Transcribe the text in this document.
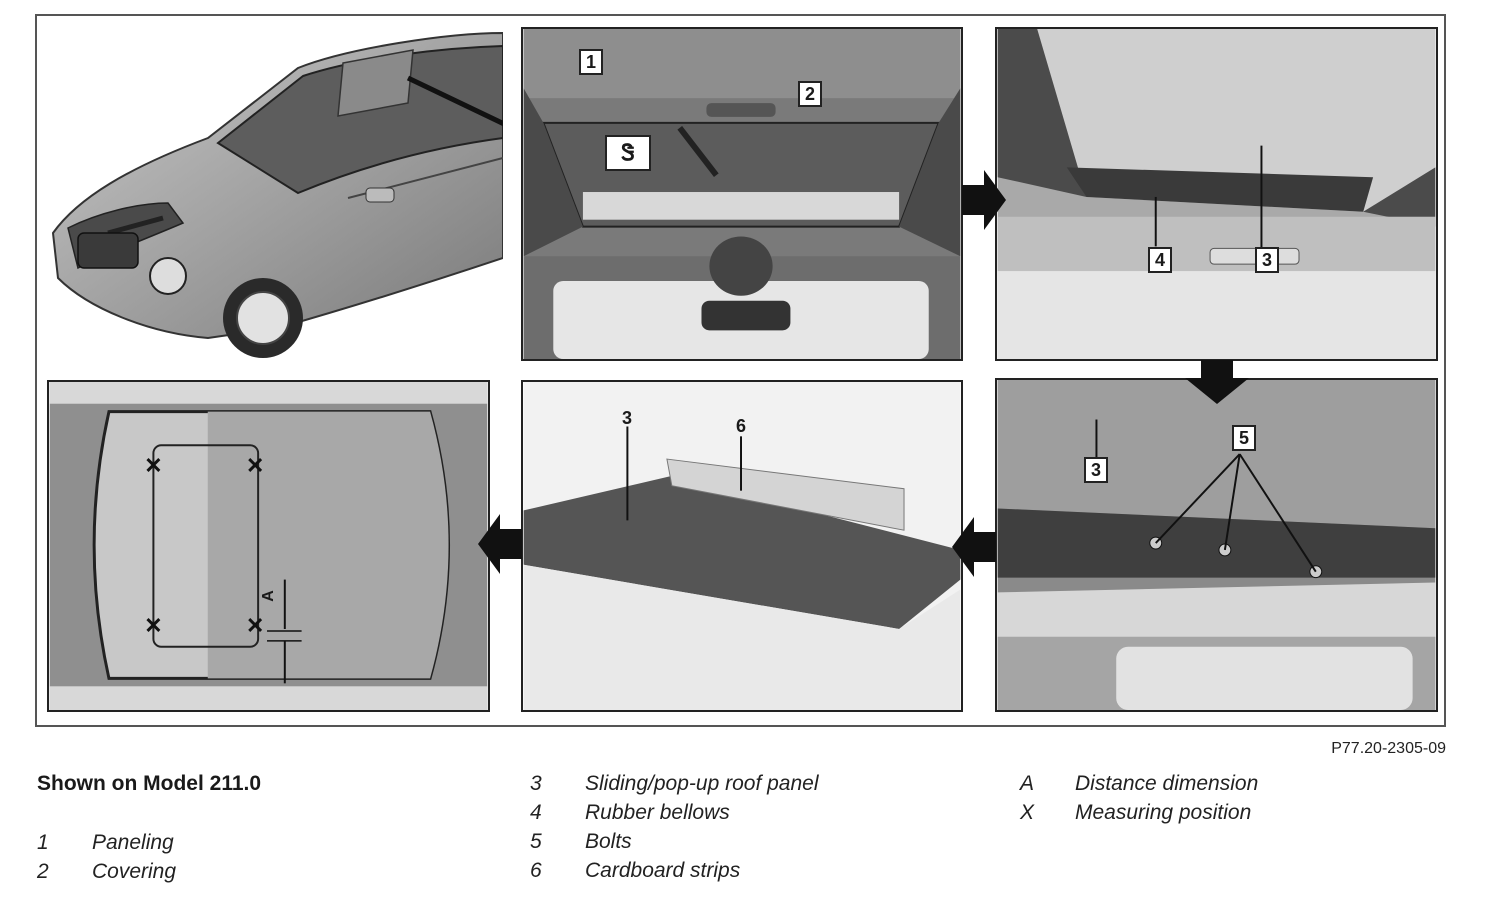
1
2
Ꮥ
4	3
3
5
3	6
A
P77.20-2305-09
Shown on Model 211.0
1	Paneling
2	Covering
3	Sliding/pop-up roof panel
4	Rubber bellows
5	Bolts
6	Cardboard strips
A	Distance dimension
X	Measuring position
